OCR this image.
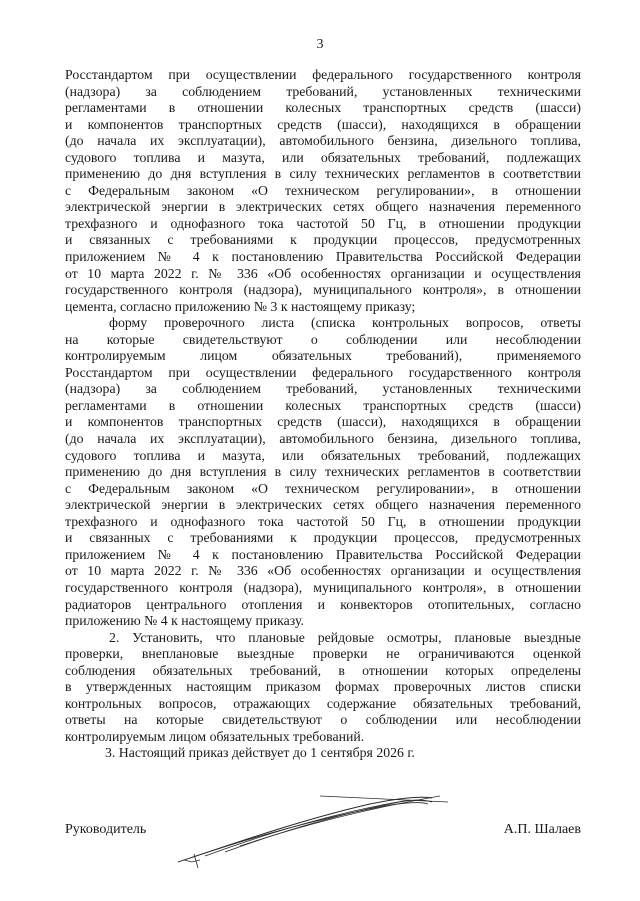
3
Росстандартом при осуществлении федерального государственного контроля
(надзора) за соблюдением требований, установленных техническими
регламентами в отношении колесных транспортных средств (шасси)
и компонентов транспортных средств (шасси), находящихся в обращении
(до начала их эксплуатации), автомобильного бензина, дизельного топлива,
судового топлива и мазута, или обязательных требований, подлежащих
применению до дня вступления в силу технических регламентов в соответствии
с Федеральным законом «О техническом регулировании», в отношении
электрической энергии в электрических сетях общего назначения переменного
трехфазного и однофазного тока частотой 50 Гц, в отношении продукции
и связанных с требованиями к продукции процессов, предусмотренных
приложением № 4 к постановлению Правительства Российской Федерации
от 10 марта 2022 г. № 336 «Об особенностях организации и осуществления
государственного контроля (надзора), муниципального контроля», в отношении
цемента, согласно приложению № 3 к настоящему приказу;
форму проверочного листа (списка контрольных вопросов, ответы
на которые свидетельствуют о соблюдении или несоблюдении
контролируемым лицом обязательных требований), применяемого
Росстандартом при осуществлении федерального государственного контроля
(надзора) за соблюдением требований, установленных техническими
регламентами в отношении колесных транспортных средств (шасси)
и компонентов транспортных средств (шасси), находящихся в обращении
(до начала их эксплуатации), автомобильного бензина, дизельного топлива,
судового топлива и мазута, или обязательных требований, подлежащих
применению до дня вступления в силу технических регламентов в соответствии
с Федеральным законом «О техническом регулировании», в отношении
электрической энергии в электрических сетях общего назначения переменного
трехфазного и однофазного тока частотой 50 Гц, в отношении продукции
и связанных с требованиями к продукции процессов, предусмотренных
приложением № 4 к постановлению Правительства Российской Федерации
от 10 марта 2022 г. № 336 «Об особенностях организации и осуществления
государственного контроля (надзора), муниципального контроля», в отношении
радиаторов центрального отопления и конвекторов отопительных, согласно
приложению № 4 к настоящему приказу.
2. Установить, что плановые рейдовые осмотры, плановые выездные
проверки, внеплановые выездные проверки не ограничиваются оценкой
соблюдения обязательных требований, в отношении которых определены
в утвержденных настоящим приказом формах проверочных листов списки
контрольных вопросов, отражающих содержание обязательных требований,
ответы на которые свидетельствуют о соблюдении или несоблюдении
контролируемым лицом обязательных требований.
3. Настоящий приказ действует до 1 сентября 2026 г.
Руководитель	А.П. Шалаев
